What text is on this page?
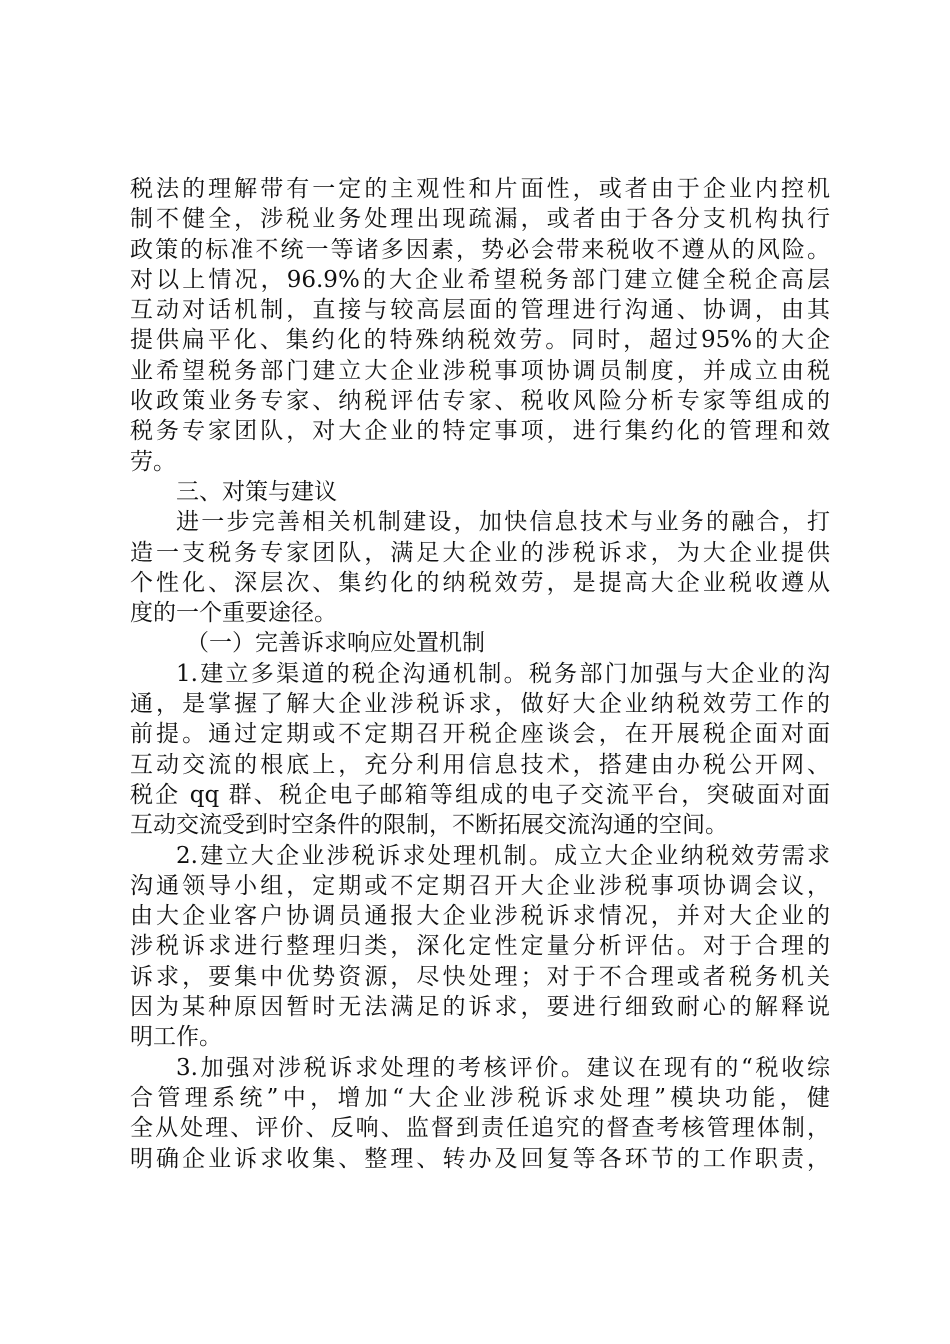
税法的理解带有一定的主观性和片面性，或者由于企业内控机
制不健全，涉税业务处理出现疏漏，或者由于各分支机构执行
政策的标准不统一等诸多因素，势必会带来税收不遵从的风险。
对以上情况，96.9%的大企业希望税务部门建立健全税企高层
互动对话机制，直接与较高层面的管理进行沟通、协调，由其
提供扁平化、集约化的特殊纳税效劳。同时，超过95%的大企
业希望税务部门建立大企业涉税事项协调员制度，并成立由税
收政策业务专家、纳税评估专家、税收风险分析专家等组成的
税务专家团队，对大企业的特定事项，进行集约化的管理和效
劳。
三、对策与建议
进一步完善相关机制建设，加快信息技术与业务的融合，打
造一支税务专家团队，满足大企业的涉税诉求，为大企业提供
个性化、深层次、集约化的纳税效劳，是提高大企业税收遵从
度的一个重要途径。
（一）完善诉求响应处置机制
1.建立多渠道的税企沟通机制。税务部门加强与大企业的沟
通，是掌握了解大企业涉税诉求，做好大企业纳税效劳工作的
前提。通过定期或不定期召开税企座谈会，在开展税企面对面
互动交流的根底上，充分利用信息技术，搭建由办税公开网、
税企 qq 群、税企电子邮箱等组成的电子交流平台，突破面对面
互动交流受到时空条件的限制，不断拓展交流沟通的空间。
2.建立大企业涉税诉求处理机制。成立大企业纳税效劳需求
沟通领导小组，定期或不定期召开大企业涉税事项协调会议，
由大企业客户协调员通报大企业涉税诉求情况，并对大企业的
涉税诉求进行整理归类，深化定性定量分析评估。对于合理的
诉求，要集中优势资源，尽快处理；对于不合理或者税务机关
因为某种原因暂时无法满足的诉求，要进行细致耐心的解释说
明工作。
3.加强对涉税诉求处理的考核评价。建议在现有的“税收综
合管理系统”中，增加“大企业涉税诉求处理”模块功能，健
全从处理、评价、反响、监督到责任追究的督查考核管理体制，
明确企业诉求收集、整理、转办及回复等各环节的工作职责，
